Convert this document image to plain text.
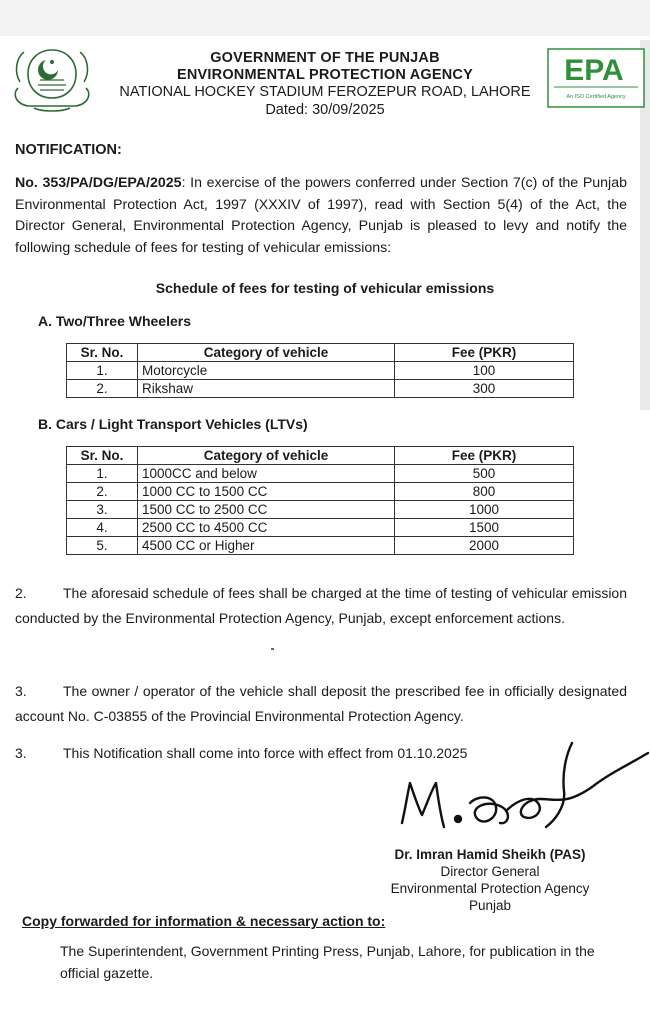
GOVERNMENT OF THE PUNJAB
ENVIRONMENTAL PROTECTION AGENCY
NATIONAL HOCKEY STADIUM FEROZEPUR ROAD, LAHORE
Dated: 30/09/2025
EPA
An ISO Certified Agency
NOTIFICATION:
No. 353/PA/DG/EPA/2025: In exercise of the powers conferred under Section 7(c) of the Punjab Environmental Protection Act, 1997 (XXXIV of 1997), read with Section 5(4) of the Act, the Director General, Environmental Protection Agency, Punjab is pleased to levy and notify the following schedule of fees for testing of vehicular emissions:
Schedule of fees for testing of vehicular emissions
A. Two/Three Wheelers
Sr. No.	Category of vehicle	Fee (PKR)
1.	Motorcycle	100
2.	Rikshaw	300
B. Cars / Light Transport Vehicles (LTVs)
Sr. No.	Category of vehicle	Fee (PKR)
1.	1000CC and below	500
2.	1000 CC to 1500 CC	800
3.	1500 CC to 2500 CC	1000
4.	2500 CC to 4500 CC	1500
5.	4500 CC or Higher	2000
The aforesaid schedule of fees shall be charged at the time of testing of vehicular emission conducted by the Environmental Protection Agency, Punjab, except enforcement actions.
2.
The owner / operator of the vehicle shall deposit the prescribed fee in officially designated account No. C-03855 of the Provincial Environmental Protection Agency.
3.
This Notification shall come into force with effect from 01.10.2025
3.
Dr. Imran Hamid Sheikh (PAS)
Director General
Environmental Protection Agency
Punjab
Copy forwarded for information & necessary action to:
The Superintendent, Government Printing Press, Punjab, Lahore, for publication in the official gazette.
